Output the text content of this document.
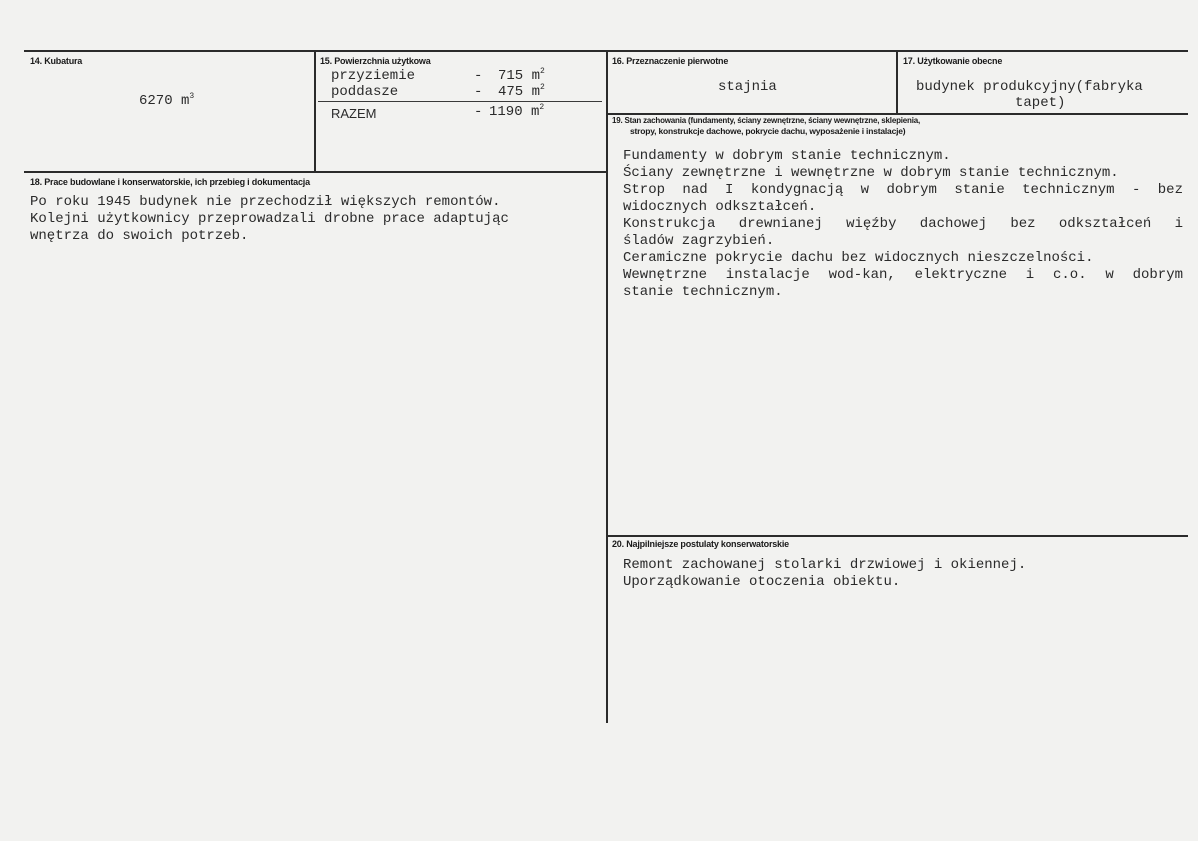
14. Kubatura
6270 $m^3$
15. Powierzchnia użytkowa
przyziemie	- 715 $m^2$
poddasze	- 475 $m^2$
RAZEM	- 1190 $m^2$
16. Przeznaczenie pierwotne
stajnia
17. Użytkowanie obecne
budynek produkcyjny(fabryka
tapet)
18. Prace budowlane i konserwatorskie, ich przebieg i dokumentacja
Po roku 1945 budynek nie przechodził większych remontów.
Kolejni użytkownicy przeprowadzali drobne prace adaptując
wnętrza do swoich potrzeb.
19. Stan zachowania (fundamenty, ściany zewnętrzne, ściany wewnętrzne, sklepienia,
stropy, konstrukcje dachowe, pokrycie dachu, wyposażenie i instalacje)
Fundamenty w dobrym stanie technicznym.
Ściany zewnętrzne i wewnętrzne w dobrym stanie technicznym.
Strop nad I kondygnacją w dobrym stanie technicznym - bez
widocznych odkształceń.
Konstrukcja drewnianej więźby dachowej bez odkształceń i
śladów zagrzybień.
Ceramiczne pokrycie dachu bez widocznych nieszczelności.
Wewnętrzne instalacje wod-kan, elektryczne i c.o. w dobrym
stanie technicznym.
20. Najpilniejsze postulaty konserwatorskie
Remont zachowanej stolarki drzwiowej i okiennej.
Uporządkowanie otoczenia obiektu.
